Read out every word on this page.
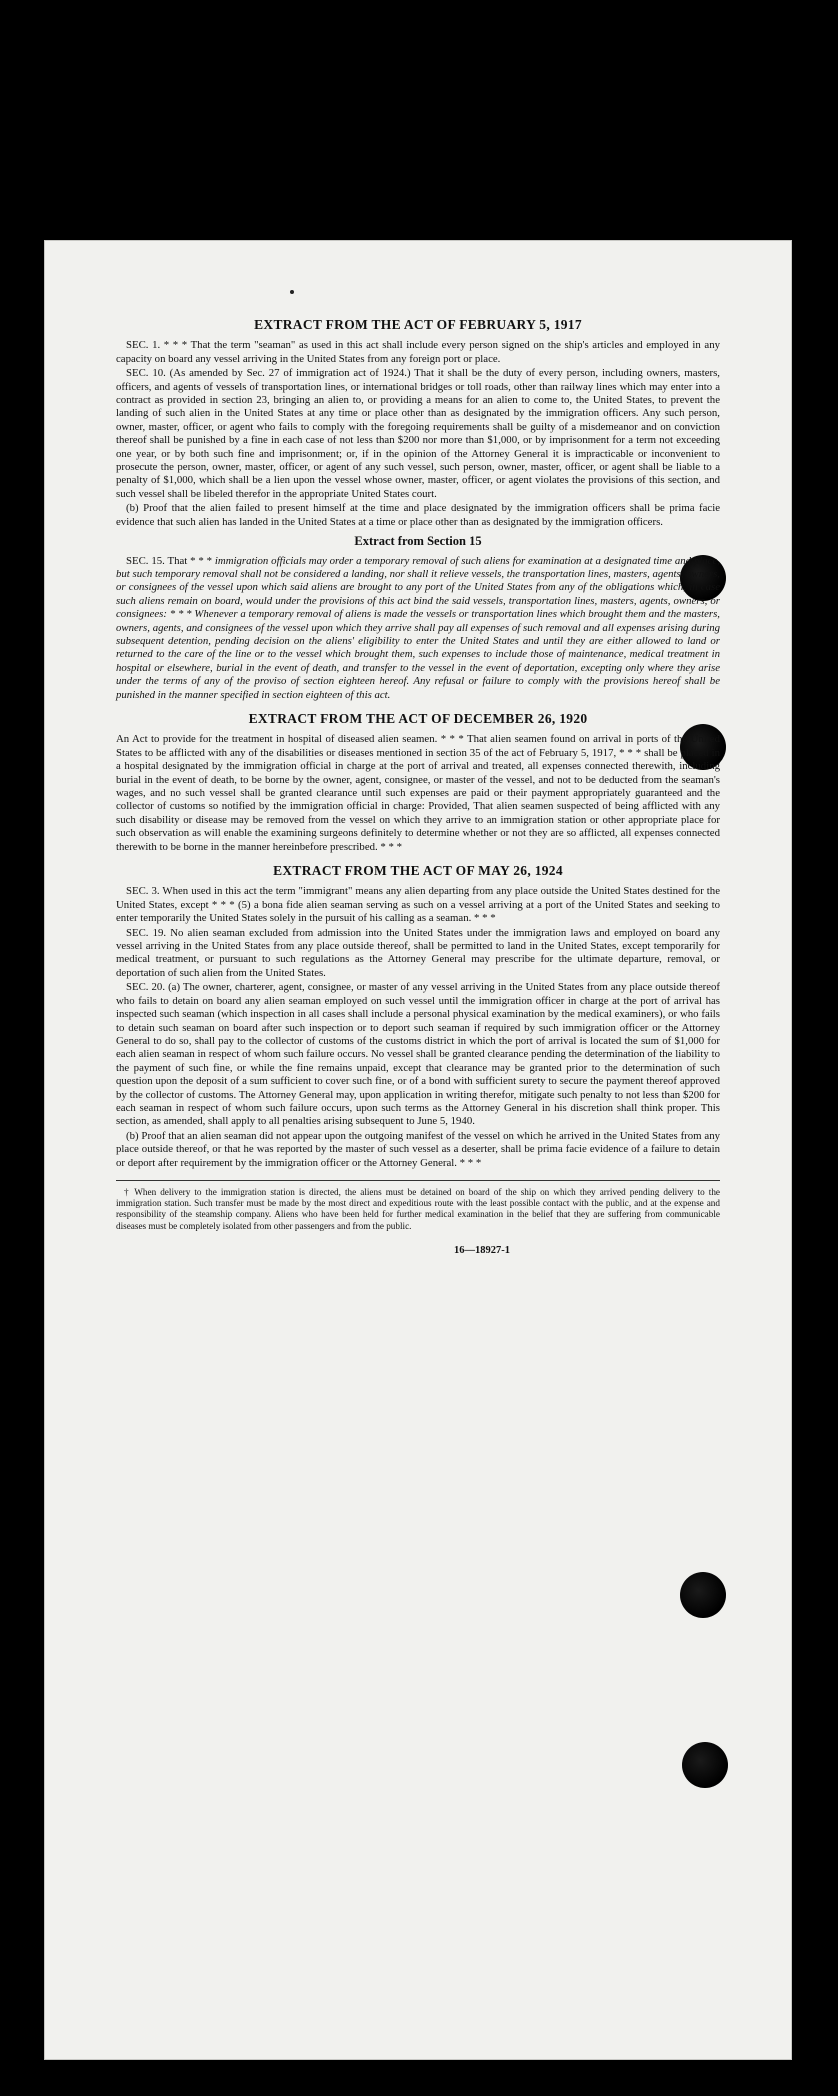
EXTRACT FROM THE ACT OF FEBRUARY 5, 1917

SEC. 1. * * * That the term "seaman" as used in this act shall include every person signed on the ship's articles and employed in any capacity on board any vessel arriving in the United States from any foreign port or place.

SEC. 10. (As amended by Sec. 27 of immigration act of 1924.) That it shall be the duty of every person, including owners, masters, officers, and agents of vessels of transportation lines, or international bridges or toll roads, other than railway lines which may enter into a contract as provided in section 23, bringing an alien to, or providing a means for an alien to come to, the United States, to prevent the landing of such alien in the United States at any time or place other than as designated by the immigration officers. Any such person, owner, master, officer, or agent who fails to comply with the foregoing requirements shall be guilty of a misdemeanor and on conviction thereof shall be punished by a fine in each case of not less than $200 nor more than $1,000, or by imprisonment for a term not exceeding one year, or by both such fine and imprisonment; or, if in the opinion of the Attorney General it is impracticable or inconvenient to prosecute the person, owner, master, officer, or agent of any such vessel, such person, owner, master, officer, or agent shall be liable to a penalty of $1,000, which shall be a lien upon the vessel whose owner, master, officer, or agent violates the provisions of this section, and such vessel shall be libeled therefor in the appropriate United States court.

(b) Proof that the alien failed to present himself at the time and place designated by the immigration officers shall be prima facie evidence that such alien has landed in the United States at a time or place other than as designated by the immigration officers.

Extract from Section 15

SEC. 15. That * * * immigration officials may order a temporary removal of such aliens for examination at a designated time and place, but such temporary removal shall not be considered a landing, nor shall it relieve vessels, the transportation lines, masters, agents, owners, or consignees of the vessel upon which said aliens are brought to any port of the United States from any of the obligations which, in case such aliens remain on board, would under the provisions of this act bind the said vessels, transportation lines, masters, agents, owners, or consignees: * * * Whenever a temporary removal of aliens is made the vessels or transportation lines which brought them and the masters, owners, agents, and consignees of the vessel upon which they arrive shall pay all expenses of such removal and all expenses arising during subsequent detention, pending decision on the aliens' eligibility to enter the United States and until they are either allowed to land or returned to the care of the line or to the vessel which brought them, such expenses to include those of maintenance, medical treatment in hospital or elsewhere, burial in the event of death, and transfer to the vessel in the event of deportation, excepting only where they arise under the terms of any of the proviso of section eighteen hereof. Any refusal or failure to comply with the provisions hereof shall be punished in the manner specified in section eighteen of this act.

EXTRACT FROM THE ACT OF DECEMBER 26, 1920

An Act to provide for the treatment in hospital of diseased alien seamen. * * * That alien seamen found on arrival in ports of the United States to be afflicted with any of the disabilities or diseases mentioned in section 35 of the act of February 5, 1917, * * * shall be placed in a hospital designated by the immigration official in charge at the port of arrival and treated, all expenses connected therewith, including burial in the event of death, to be borne by the owner, agent, consignee, or master of the vessel, and not to be deducted from the seaman's wages, and no such vessel shall be granted clearance until such expenses are paid or their payment appropriately guaranteed and the collector of customs so notified by the immigration official in charge: Provided, That alien seamen suspected of being afflicted with any such disability or disease may be removed from the vessel on which they arrive to an immigration station or other appropriate place for such observation as will enable the examining surgeons definitely to determine whether or not they are so afflicted, all expenses connected therewith to be borne in the manner hereinbefore prescribed. * * *

EXTRACT FROM THE ACT OF MAY 26, 1924

SEC. 3. When used in this act the term "immigrant" means any alien departing from any place outside the United States destined for the United States, except * * * (5) a bona fide alien seaman serving as such on a vessel arriving at a port of the United States and seeking to enter temporarily the United States solely in the pursuit of his calling as a seaman. * * *

SEC. 19. No alien seaman excluded from admission into the United States under the immigration laws and employed on board any vessel arriving in the United States from any place outside thereof, shall be permitted to land in the United States, except temporarily for medical treatment, or pursuant to such regulations as the Attorney General may prescribe for the ultimate departure, removal, or deportation of such alien from the United States.

SEC. 20. (a) The owner, charterer, agent, consignee, or master of any vessel arriving in the United States from any place outside thereof who fails to detain on board any alien seaman employed on such vessel until the immigration officer in charge at the port of arrival has inspected such seaman (which inspection in all cases shall include a personal physical examination by the medical examiners), or who fails to detain such seaman on board after such inspection or to deport such seaman if required by such immigration officer or the Attorney General to do so, shall pay to the collector of customs of the customs district in which the port of arrival is located the sum of $1,000 for each alien seaman in respect of whom such failure occurs. No vessel shall be granted clearance pending the determination of the liability to the payment of such fine, or while the fine remains unpaid, except that clearance may be granted prior to the determination of such question upon the deposit of a sum sufficient to cover such fine, or of a bond with sufficient surety to secure the payment thereof approved by the collector of customs. The Attorney General may, upon application in writing therefor, mitigate such penalty to not less than $200 for each seaman in respect of whom such failure occurs, upon such terms as the Attorney General in his discretion shall think proper. This section, as amended, shall apply to all penalties arising subsequent to June 5, 1940.

(b) Proof that an alien seaman did not appear upon the outgoing manifest of the vessel on which he arrived in the United States from any place outside thereof, or that he was reported by the master of such vessel as a deserter, shall be prima facie evidence of a failure to detain or deport after requirement by the immigration officer or the Attorney General. * * *

† When delivery to the immigration station is directed, the aliens must be detained on board of the ship on which they arrived pending delivery to the immigration station. Such transfer must be made by the most direct and expeditious route with the least possible contact with the public, and at the expense and responsibility of the steamship company. Aliens who have been held for further medical examination in the belief that they are suffering from communicable diseases must be completely isolated from other passengers and from the public.

16—18927-1
